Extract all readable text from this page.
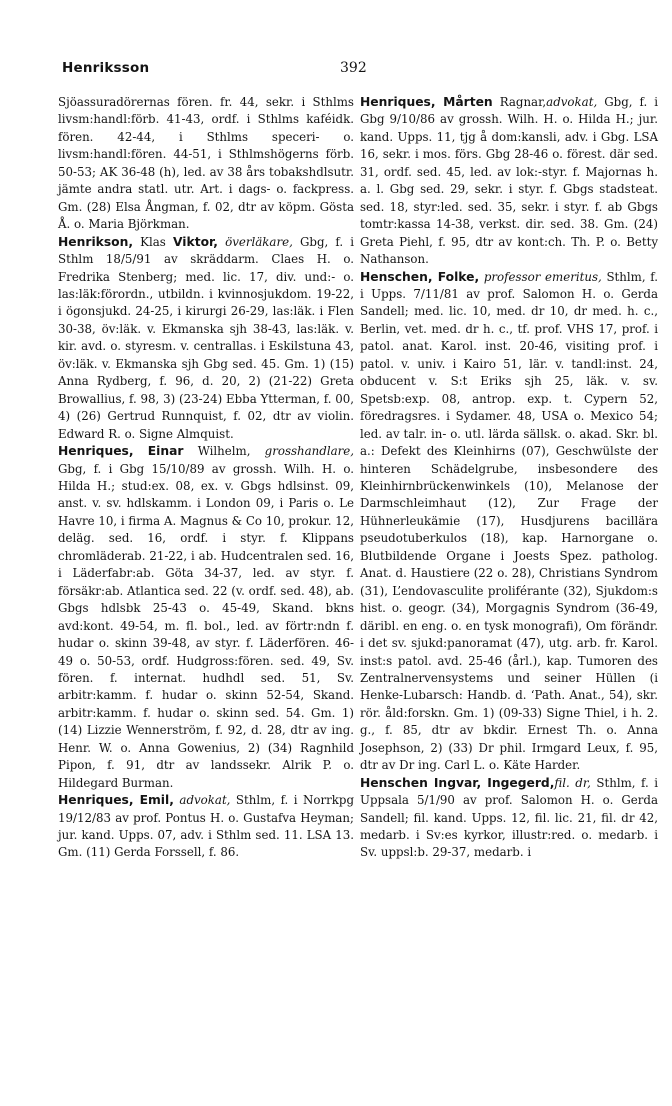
Henriksson	392

Sjöassuradörernas fören. fr. 44, sekr. i Sthlms livsm:handl:förb. 41-43, ordf. i Sthlms kaféidk. fören. 42-44, i Sthlms speceri- o. livsm:handl:fören. 44-51, i Sthlmshögerns förb. 50-53; AK 36-48 (h), led. av 38 års tobakshdlsutr. jämte andra statl. utr. Art. i dags- o. fackpress. Gm. (28) Elsa Ångman, f. 02, dtr av köpm. Gösta Å. o. Maria Björkman.

Henrikson, Klas Viktor, överläkare, Gbg, f. i Sthlm 18/5/91 av skräddarm. Claes H. o. Fredrika Stenberg; med. lic. 17, div. und:- o. las:läk:förordn., utbildn. i kvinnosjukdom. 19-22, i ögonsjukd. 24-25, i kirurgi 26-29, las:läk. i Flen 30-38, öv:läk. v. Ekmanska sjh 38-43, las:läk. v. kir. avd. o. styresm. v. centrallas. i Eskilstuna 43, öv:läk. v. Ekmanska sjh Gbg sed. 45. Gm. 1) (15) Anna Rydberg, f. 96, d. 20, 2) (21-22) Greta Browallius, f. 98, 3) (23-24) Ebba Ytterman, f. 00, 4) (26) Gertrud Runnquist, f. 02, dtr av violin. Edward R. o. Signe Almquist.

Henriques, Einar Wilhelm, grosshandlare, Gbg, f. i Gbg 15/10/89 av grossh. Wilh. H. o. Hilda H.; stud:ex. 08, ex. v. Gbgs hdlsinst. 09, anst. v. sv. hdlskamm. i London 09, i Paris o. Le Havre 10, i firma A. Magnus & Co 10, prokur. 12, deläg. sed. 16, ordf. i styr. f. Klippans chromläderab. 21-22, i ab. Hudcentralen sed. 16, i Läderfabr:ab. Göta 34-37, led. av styr. f. försäkr:ab. Atlantica sed. 22 (v. ordf. sed. 48), ab. Gbgs hdlsbk 25-43 o. 45-49, Skand. bkns avd:kont. 49-54, m. fl. bol., led. av förtr:ndn f. hudar o. skinn 39-48, av styr. f. Läderfören. 46-49 o. 50-53, ordf. Hudgross:fören. sed. 49, Sv. fören. f. internat. hudhdl sed. 51, Sv. arbitr:kamm. f. hudar o. skinn 52-54, Skand. arbitr:kamm. f. hudar o. skinn sed. 54. Gm. 1) (14) Lizzie Wennerström, f. 92, d. 28, dtr av ing. Henr. W. o. Anna Gowenius, 2) (34) Ragnhild Pipon, f. 91, dtr av landssekr. Alrik P. o. Hildegard Burman.

Henriques, Emil, advokat, Sthlm, f. i Norrkpg 19/12/83 av prof. Pontus H. o. Gustafva Heyman; jur. kand. Upps. 07, adv. i Sthlm sed. 11. LSA 13. Gm. (11) Gerda Forssell, f. 86.

Henriques, Mårten Ragnar,advokat, Gbg, f. i Gbg 9/10/86 av grossh. Wilh. H. o. Hilda H.; jur. kand. Upps. 11, tjg å dom:kansli, adv. i Gbg. LSA 16, sekr. i mos. förs. Gbg 28-46 o. förest. där sed. 31, ordf. sed. 45, led. av lok:-styr. f. Majornas h. a. l. Gbg sed. 29, sekr. i styr. f. Gbgs stadsteat. sed. 18, styr:led. sed. 35, sekr. i styr. f. ab Gbgs tomtr:kassa 14-38, verkst. dir. sed. 38. Gm. (24) Greta Piehl, f. 95, dtr av kont:ch. Th. P. o. Betty Nathanson.

Henschen, Folke, professor emeritus, Sthlm, f. i Upps. 7/11/81 av prof. Salomon H. o. Gerda Sandell; med. lic. 10, med. dr 10, dr med. h. c., Berlin, vet. med. dr h. c., tf. prof. VHS 17, prof. i patol. anat. Karol. inst. 20-46, visiting prof. i patol. v. univ. i Kairo 51, lär. v. tandl:inst. 24, obducent v. S:t Eriks sjh 25, läk. v. sv. Spetsb:exp. 08, antrop. exp. t. Cypern 52, föredragsres. i Sydamer. 48, USA o. Mexico 54; led. av talr. in- o. utl. lärda sällsk. o. akad. Skr. bl. a.: Defekt des Kleinhirns (07), Geschwülste der hinteren Schädelgrube, insbesondere des Kleinhirnbrückenwinkels (10), Melanose der Darmschleimhaut (12), Zur Frage der Hühnerleukämie (17), Husdjurens bacillära pseudotuberkulos (18), kap. Harnorgane o. Blutbildende Organe i Joests Spez. patholog. Anat. d. Haustiere (22 o. 28), Christians Syndrom (31), L’endovasculite proliférante (32), Sjukdom:s hist. o. geogr. (34), Morgagnis Syndrom (36-49, däribl. en eng. o. en tysk monografi), Om förändr. i det sv. sjukd:panoramat (47), utg. arb. fr. Karol. inst:s patol. avd. 25-46 (årl.), kap. Tumoren des Zentralnervensystems und seiner Hüllen (i Henke-Lubarsch: Handb. d. ‘Path. Anat., 54), skr. rör. åld:forskn. Gm. 1) (09-33) Signe Thiel, i h. 2. g., f. 85, dtr av bkdir. Ernest Th. o. Anna Josephson, 2) (33) Dr phil. Irmgard Leux, f. 95, dtr av Dr ing. Carl L. o. Käte Harder.

Henschen Ingvar, Ingegerd,fil. dr, Sthlm, f. i Uppsala 5/1/90 av prof. Salomon H. o. Gerda Sandell; fil. kand. Upps. 12, fil. lic. 21, fil. dr 42, medarb. i Sv:es kyrkor, illustr:red. o. medarb. i Sv. uppsl:b. 29-37, medarb. i
